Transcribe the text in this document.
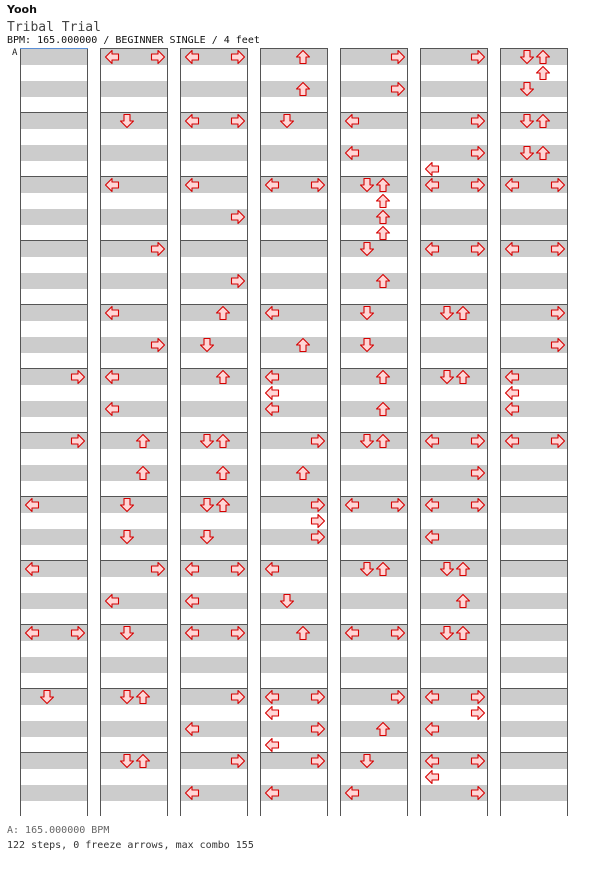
Yooh
Tribal Trial
BPM: 165.000000 / BEGINNER SINGLE / 4 feet
A
A: 165.000000 BPM
122 steps, 0 freeze arrows, max combo 155
